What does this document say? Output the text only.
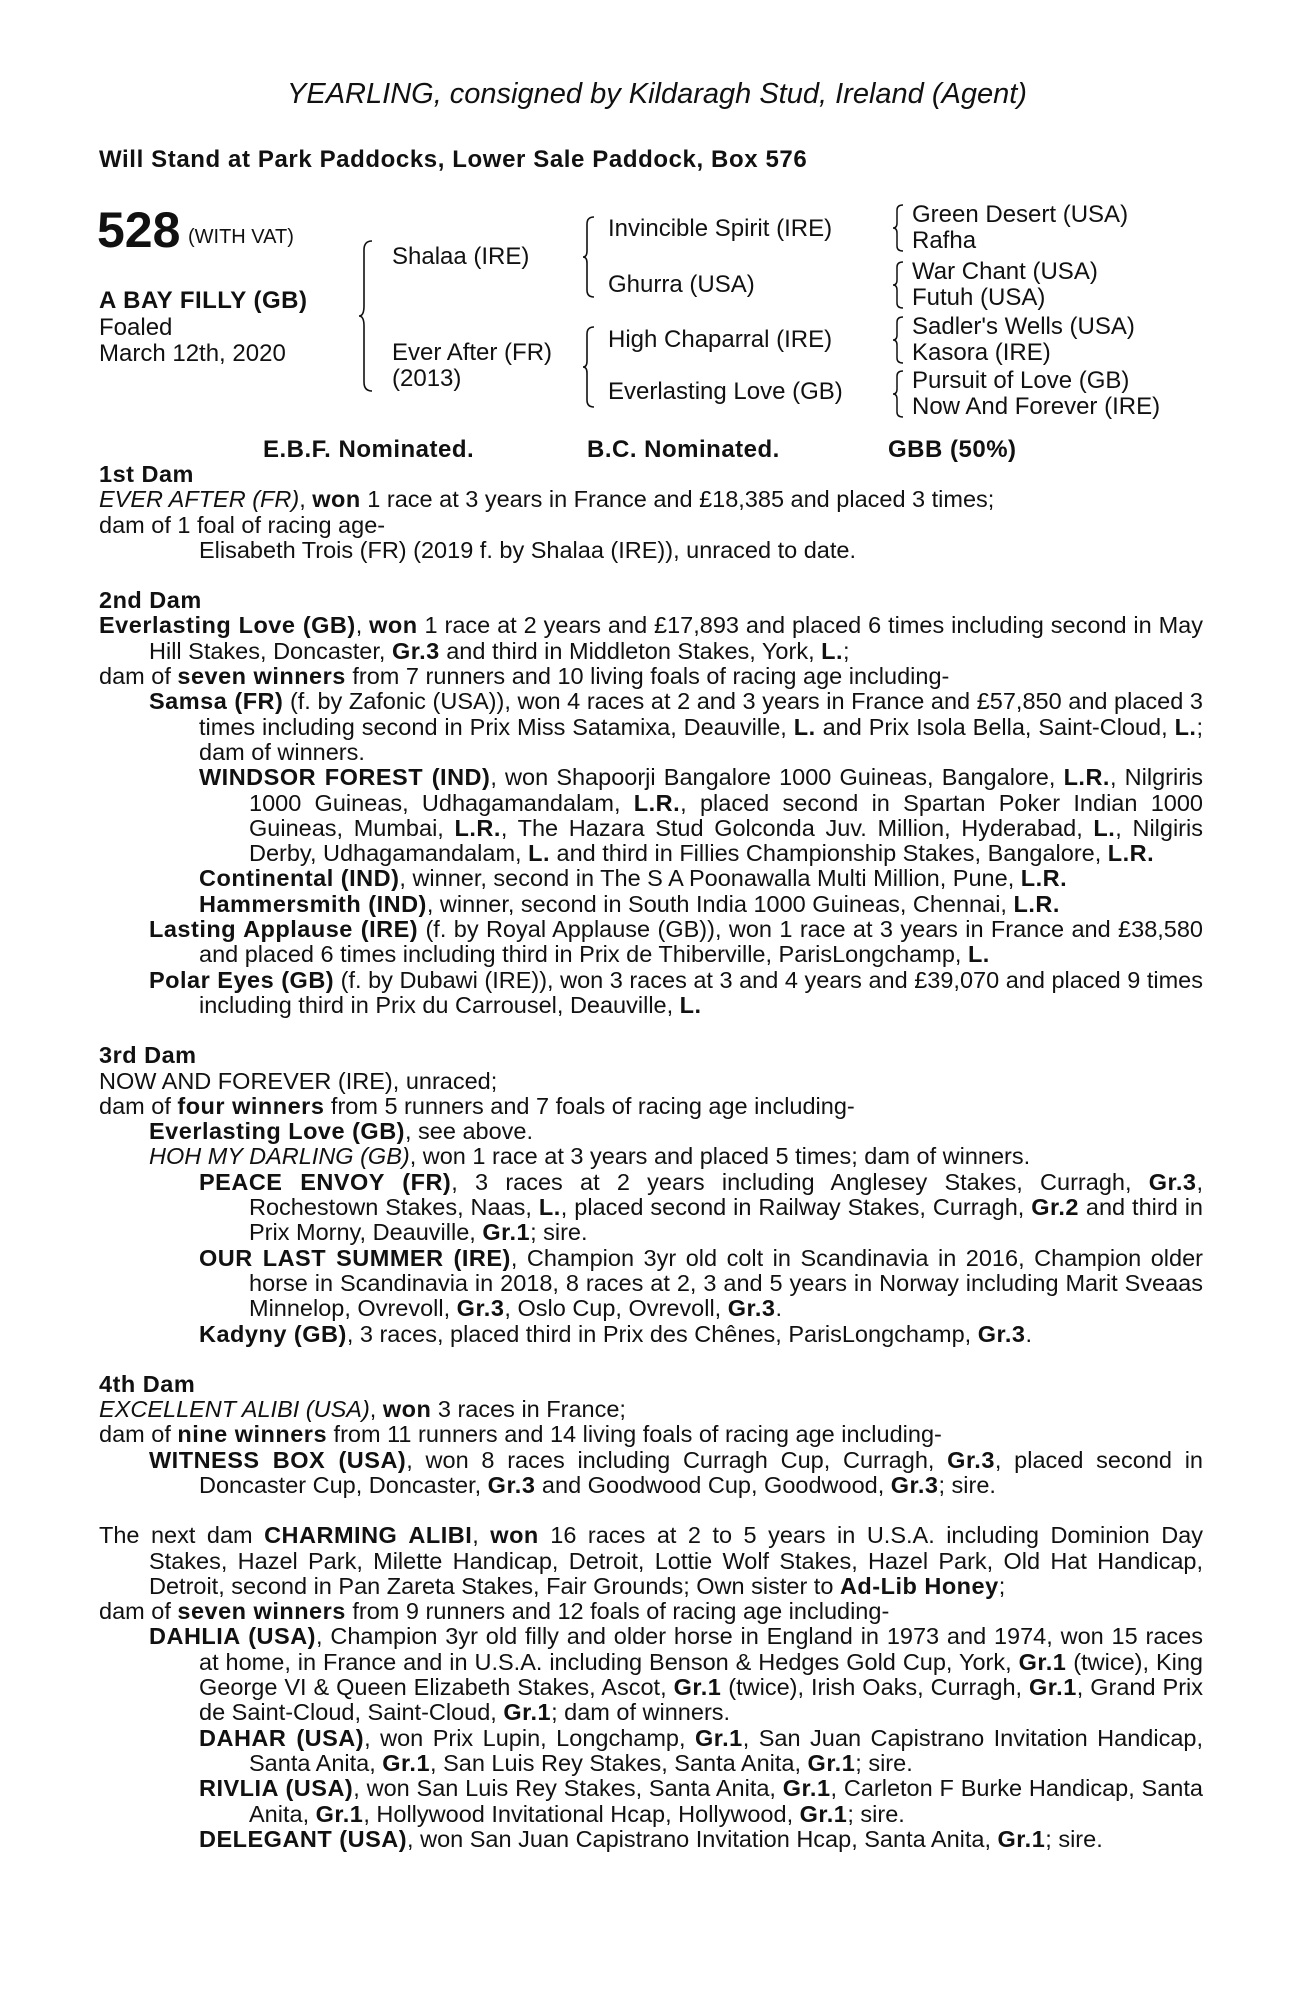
YEARLING, consigned by Kildaragh Stud, Ireland (Agent)
Will Stand at Park Paddocks, Lower Sale Paddock, Box 576
528 (WITH VAT)
A BAY FILLY (GB)
Foaled
March 12th, 2020
Shalaa (IRE)
Ever After (FR)
(2013)
Invincible Spirit (IRE)
Ghurra (USA)
High Chaparral (IRE)
Everlasting Love (GB)
Green Desert (USA)
Rafha
War Chant (USA)
Futuh (USA)
Sadler's Wells (USA)
Kasora (IRE)
Pursuit of Love (GB)
Now And Forever (IRE)
E.B.F. Nominated.	B.C. Nominated.	GBB (50%)
1st Dam
EVER AFTER (FR), won 1 race at 3 years in France and £18,385 and placed 3 times;
dam of 1 foal of racing age-
Elisabeth Trois (FR) (2019 f. by Shalaa (IRE)), unraced to date.
2nd Dam
Everlasting Love (GB), won 1 race at 2 years and £17,893 and placed 6 times including second in May Hill Stakes, Doncaster, Gr.3 and third in Middleton Stakes, York, L.;
dam of seven winners from 7 runners and 10 living foals of racing age including-
Samsa (FR) (f. by Zafonic (USA)), won 4 races at 2 and 3 years in France and £57,850 and placed 3 times including second in Prix Miss Satamixa, Deauville, L. and Prix Isola Bella, Saint-Cloud, L.; dam of winners.
WINDSOR FOREST (IND), won Shapoorji Bangalore 1000 Guineas, Bangalore, L.R., Nilgriris 1000 Guineas, Udhagamandalam, L.R., placed second in Spartan Poker Indian 1000 Guineas, Mumbai, L.R., The Hazara Stud Golconda Juv. Million, Hyderabad, L., Nilgiris Derby, Udhagamandalam, L. and third in Fillies Championship Stakes, Bangalore, L.R.
Continental (IND), winner, second in The S A Poonawalla Multi Million, Pune, L.R.
Hammersmith (IND), winner, second in South India 1000 Guineas, Chennai, L.R.
Lasting Applause (IRE) (f. by Royal Applause (GB)), won 1 race at 3 years in France and £38,580 and placed 6 times including third in Prix de Thiberville, ParisLongchamp, L.
Polar Eyes (GB) (f. by Dubawi (IRE)), won 3 races at 3 and 4 years and £39,070 and placed 9 times including third in Prix du Carrousel, Deauville, L.
3rd Dam
NOW AND FOREVER (IRE), unraced;
dam of four winners from 5 runners and 7 foals of racing age including-
Everlasting Love (GB), see above.
HOH MY DARLING (GB), won 1 race at 3 years and placed 5 times; dam of winners.
PEACE ENVOY (FR), 3 races at 2 years including Anglesey Stakes, Curragh, Gr.3, Rochestown Stakes, Naas, L., placed second in Railway Stakes, Curragh, Gr.2 and third in Prix Morny, Deauville, Gr.1; sire.
OUR LAST SUMMER (IRE), Champion 3yr old colt in Scandinavia in 2016, Champion older horse in Scandinavia in 2018, 8 races at 2, 3 and 5 years in Norway including Marit Sveaas Minnelop, Ovrevoll, Gr.3, Oslo Cup, Ovrevoll, Gr.3.
Kadyny (GB), 3 races, placed third in Prix des Chênes, ParisLongchamp, Gr.3.
4th Dam
EXCELLENT ALIBI (USA), won 3 races in France;
dam of nine winners from 11 runners and 14 living foals of racing age including-
WITNESS BOX (USA), won 8 races including Curragh Cup, Curragh, Gr.3, placed second in Doncaster Cup, Doncaster, Gr.3 and Goodwood Cup, Goodwood, Gr.3; sire.
The next dam CHARMING ALIBI, won 16 races at 2 to 5 years in U.S.A. including Dominion Day Stakes, Hazel Park, Milette Handicap, Detroit, Lottie Wolf Stakes, Hazel Park, Old Hat Handicap, Detroit, second in Pan Zareta Stakes, Fair Grounds; Own sister to Ad-Lib Honey;
dam of seven winners from 9 runners and 12 foals of racing age including-
DAHLIA (USA), Champion 3yr old filly and older horse in England in 1973 and 1974, won 15 races at home, in France and in U.S.A. including Benson & Hedges Gold Cup, York, Gr.1 (twice), King George VI & Queen Elizabeth Stakes, Ascot, Gr.1 (twice), Irish Oaks, Curragh, Gr.1, Grand Prix de Saint-Cloud, Saint-Cloud, Gr.1; dam of winners.
DAHAR (USA), won Prix Lupin, Longchamp, Gr.1, San Juan Capistrano Invitation Handicap, Santa Anita, Gr.1, San Luis Rey Stakes, Santa Anita, Gr.1; sire.
RIVLIA (USA), won San Luis Rey Stakes, Santa Anita, Gr.1, Carleton F Burke Handicap, Santa Anita, Gr.1, Hollywood Invitational Hcap, Hollywood, Gr.1; sire.
DELEGANT (USA), won San Juan Capistrano Invitation Hcap, Santa Anita, Gr.1; sire.
